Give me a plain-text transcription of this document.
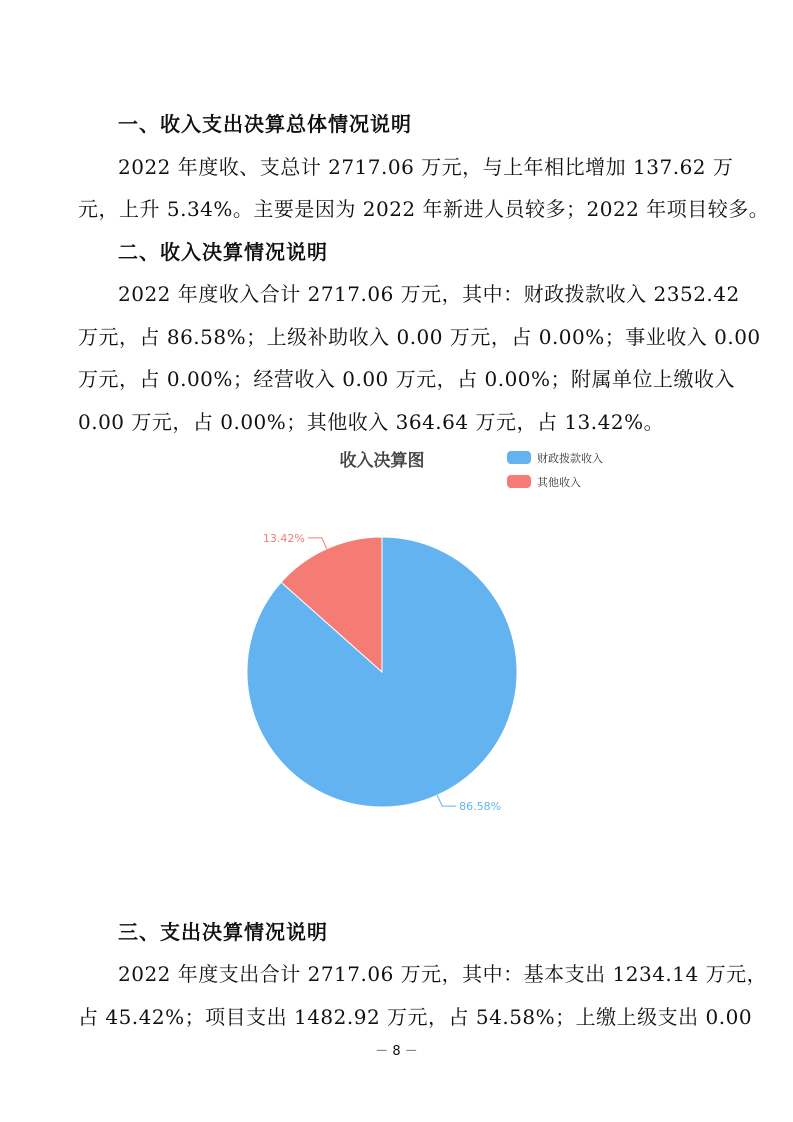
一、收入支出决算总体情况说明
2022 年度收、支总计 2717.06 万元，与上年相比增加 137.62 万
元，上升 5.34%。主要是因为 2022 年新进人员较多；2022 年项目较多。
二、收入决算情况说明
2022 年度收入合计 2717.06 万元，其中：财政拨款收入 2352.42
万元，占 86.58%；上级补助收入 0.00 万元，占 0.00%；事业收入 0.00
万元，占 0.00%；经营收入 0.00 万元，占 0.00%；附属单位上缴收入
0.00 万元，占 0.00%；其他收入 364.64 万元，占 13.42%。
收入决算图	财政拨款收入
其他收入
86.58%
13.42%
三、支出决算情况说明
2022 年度支出合计 2717.06 万元，其中：基本支出 1234.14 万元，
占 45.42%；项目支出 1482.92 万元，占 54.58%；上缴上级支出 0.00
－ 8 －
